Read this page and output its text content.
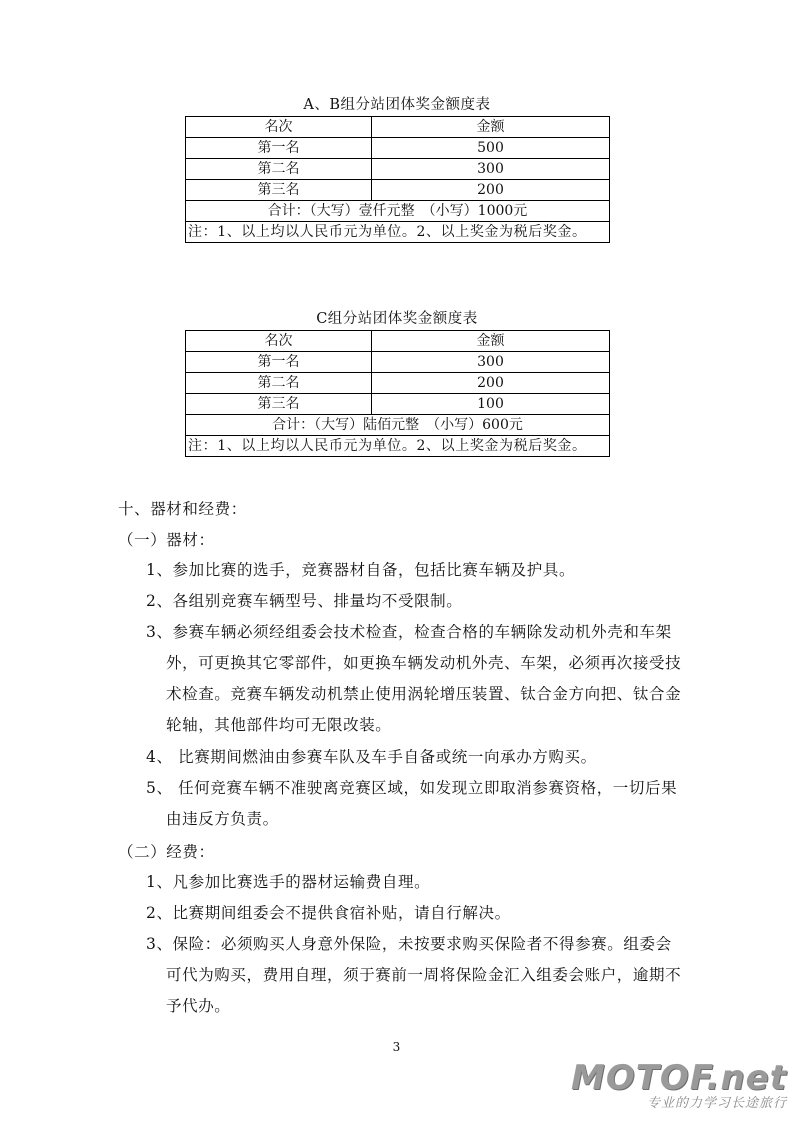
A、B组分站团体奖金额度表
名次	金额
第一名	500
第二名	300
第三名	200
合计：（大写）壹仟元整　（小写）1000元	
注：1、以上均以人民币元为单位。2、以上奖金为税后奖金。	
C组分站团体奖金额度表
名次	金额
第一名	300
第二名	200
第三名	100
合计：（大写）陆佰元整　（小写）600元	
注：1、以上均以人民币元为单位。2、以上奖金为税后奖金。	
十、器材和经费：
（一）器材：
1、参加比赛的选手，竞赛器材自备，包括比赛车辆及护具。
2、各组别竞赛车辆型号、排量均不受限制。
3、参赛车辆必须经组委会技术检查，检查合格的车辆除发动机外壳和车架
外，可更换其它零部件，如更换车辆发动机外壳、车架，必须再次接受技
术检查。竞赛车辆发动机禁止使用涡轮增压装置、钛合金方向把、钛合金
轮轴，其他部件均可无限改装。
4、 比赛期间燃油由参赛车队及车手自备或统一向承办方购买。
5、 任何竞赛车辆不准驶离竞赛区域，如发现立即取消参赛资格，一切后果
由违反方负责。
（二）经费：
1、凡参加比赛选手的器材运输费自理。
2、比赛期间组委会不提供食宿补贴，请自行解决。
3、保险：必须购买人身意外保险，未按要求购买保险者不得参赛。组委会
可代为购买，费用自理，须于赛前一周将保险金汇入组委会账户，逾期不
予代办。
3
MOTOF.net
专业的力学习长途旅行
